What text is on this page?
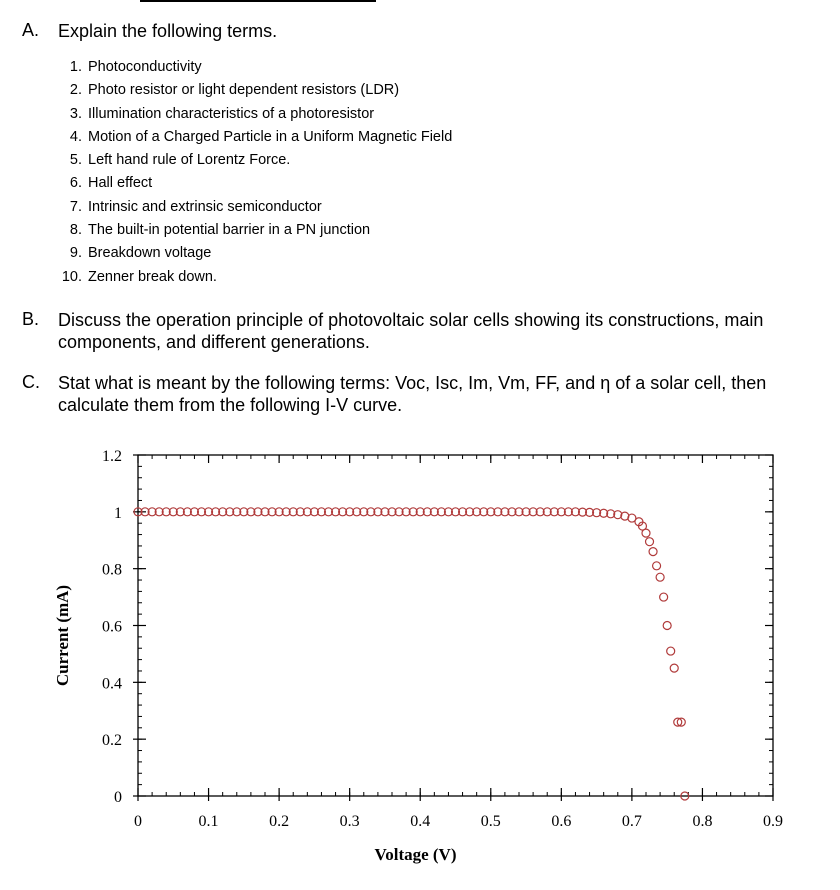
A. Explain the following terms.
1. Photoconductivity
2. Photo resistor or light dependent resistors (LDR)
3. Illumination characteristics of a photoresistor
4. Motion of a Charged Particle in a Uniform Magnetic Field
5. Left hand rule of Lorentz Force.
6. Hall effect
7. Intrinsic and extrinsic semiconductor
8. The built-in potential barrier in a PN junction
9. Breakdown voltage
10. Zenner break down.
B. Discuss the operation principle of photovoltaic solar cells showing its constructions, main components, and different generations.
C. Stat what is meant by the following terms: Voc, Isc, Im, Vm, FF, and η of a solar cell, then calculate them from the following I-V curve.
0	0.1	0.2	0.3	0.4	0.5	0.6	0.7	0.8	0.9
0
0.2
0.4
0.6
0.8
1
1.2
Voltage (V)
Current (mA)
